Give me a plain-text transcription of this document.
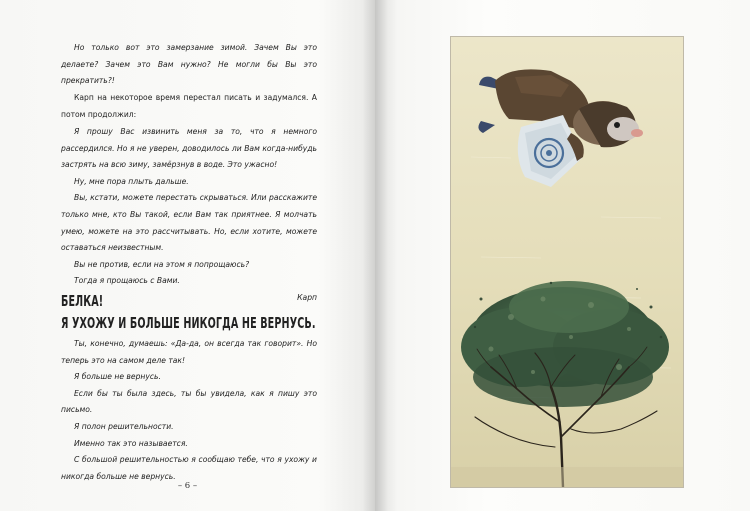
Но только вот это замерзание зимой. Зачем Вы это делаете? Зачем это Вам нужно? Не могли бы Вы это прекратить?!

Карп на некоторое время перестал писать и задумался. А потом продолжил:

Я прошу Вас извинить меня за то, что я немного рассердился. Но я не уверен, доводилось ли Вам когда-нибудь застрять на всю зиму, замёрзнув в воде. Это ужасно!

Ну, мне пора плыть дальше.

Вы, кстати, можете перестать скрываться. Или расскажите только мне, кто Вы такой, если Вам так приятнее. Я молчать умею, можете на это рассчитывать. Но, если хотите, можете оставаться неизвестным.

Вы не против, если на этом я попрощаюсь?

Тогда я прощаюсь с Вами.

Карп

БЕЛКА!
Я УХОЖУ И БОЛЬШЕ НИКОГДА НЕ ВЕРНУСЬ.

Ты, конечно, думаешь: «Да-да, он всегда так говорит». Но теперь это на самом деле так!

Я больше не вернусь.

Если бы ты была здесь, ты бы увидела, как я пишу это письмо.

Я полон решительности.

Именно так это называется.

С большой решительностью я сообщаю тебе, что я ухожу и никогда больше не вернусь.

– 6 –
